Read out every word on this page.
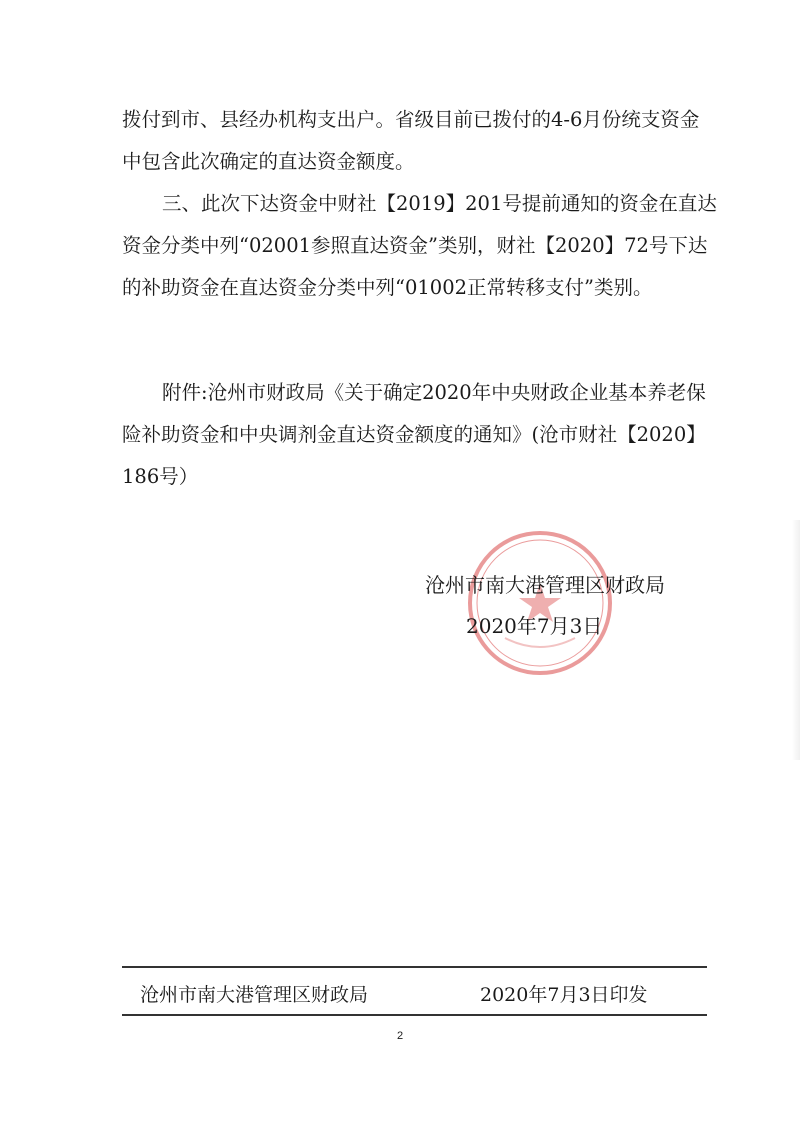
拨付到市、县经办机构支出户。省级目前已拨付的4-6月份统支资金
中包含此次确定的直达资金额度。
三、此次下达资金中财社【2019】201号提前通知的资金在直达
资金分类中列“02001参照直达资金”类别，财社【2020】72号下达
的补助资金在直达资金分类中列“01002正常转移支付”类别。
附件:沧州市财政局《关于确定2020年中央财政企业基本养老保
险补助资金和中央调剂金直达资金额度的通知》(沧市财社【2020】
186号）
沧州市南大港管理区财政局
2020年7月3日
沧州市南大港管理区财政局	2020年7月3日印发
2
